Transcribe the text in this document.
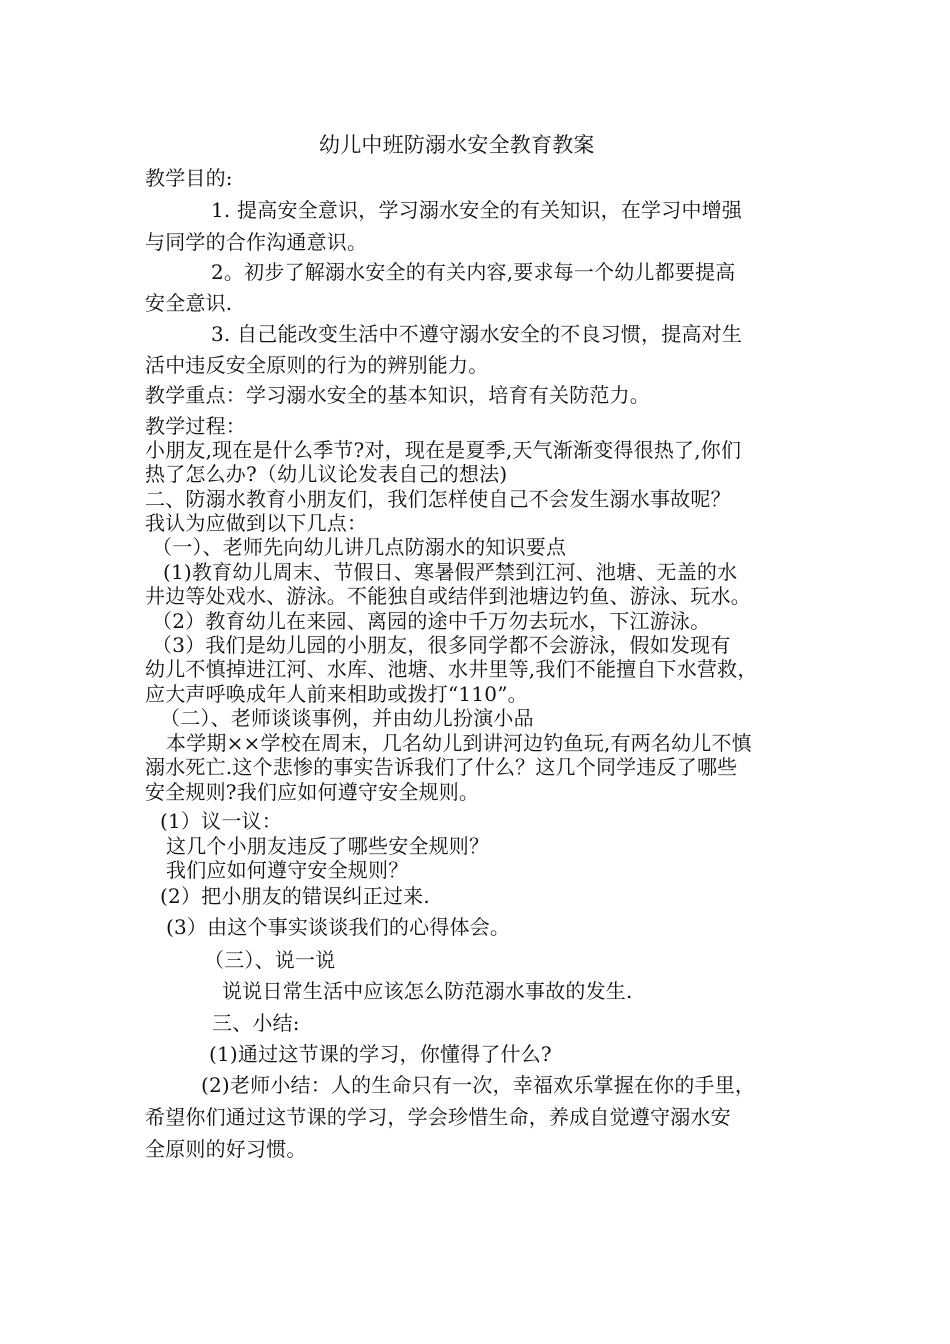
幼儿中班防溺水安全教育教案
教学目的:
1. 提高安全意识，学习溺水安全的有关知识，在学习中增强
与同学的合作沟通意识。
2。初步了解溺水安全的有关内容,要求每一个幼儿都要提高
安全意识.
3. 自己能改变生活中不遵守溺水安全的不良习惯，提高对生
活中违反安全原则的行为的辨别能力。
教学重点：学习溺水安全的基本知识，培育有关防范力。
教学过程：
小朋友,现在是什么季节?对，现在是夏季,天气渐渐变得很热了,你们
热了怎么办?（幼儿议论发表自己的想法)
二、防溺水教育小朋友们，我们怎样使自己不会发生溺水事故呢？
我认为应做到以下几点：
（一）、老师先向幼儿讲几点防溺水的知识要点
(1)教育幼儿周末、节假日、寒暑假严禁到江河、池塘、无盖的水
井边等处戏水、游泳。不能独自或结伴到池塘边钓鱼、游泳、玩水。
（2）教育幼儿在来园、离园的途中千万勿去玩水，下江游泳。
（3）我们是幼儿园的小朋友，很多同学都不会游泳，假如发现有
幼儿不慎掉进江河、水库、池塘、水井里等,我们不能擅自下水营救，
应大声呼唤成年人前来相助或拨打“110”。
（二）、老师谈谈事例，并由幼儿扮演小品
本学期××学校在周末，几名幼儿到讲河边钓鱼玩,有两名幼儿不慎
溺水死亡.这个悲惨的事实告诉我们了什么？这几个同学违反了哪些
安全规则?我们应如何遵守安全规则。
(1）议一议：
这几个小朋友违反了哪些安全规则？
我们应如何遵守安全规则？
(2）把小朋友的错误纠正过来.
(3）由这个事实谈谈我们的心得体会。
（三）、说一说
说说日常生活中应该怎么防范溺水事故的发生.
三、小结:
(1)通过这节课的学习，你懂得了什么?
(2)老师小结：人的生命只有一次，幸福欢乐掌握在你的手里，
希望你们通过这节课的学习，学会珍惜生命，养成自觉遵守溺水安
全原则的好习惯。
